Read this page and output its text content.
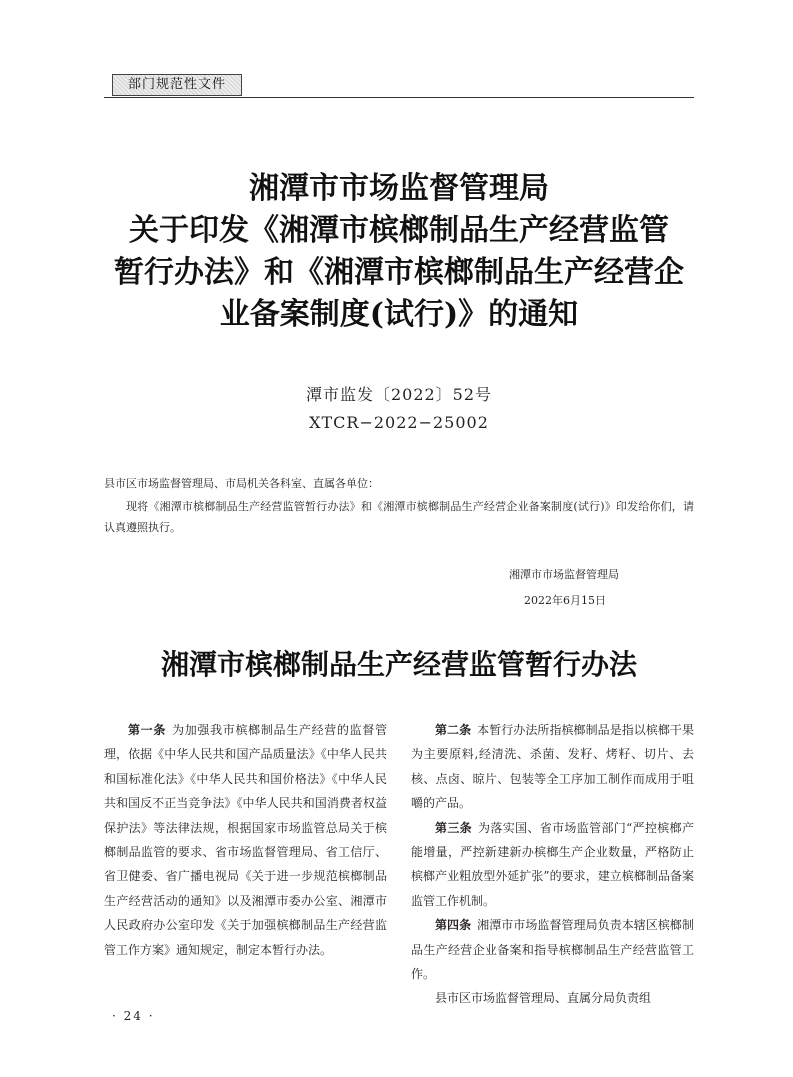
部门规范性文件
湘潭市市场监督管理局
关于印发《湘潭市槟榔制品生产经营监管
暂行办法》和《湘潭市槟榔制品生产经营企
业备案制度(试行)》的通知
潭市监发〔2022〕52号
XTCR−2022−25002
县市区市场监督管理局、市局机关各科室、直属各单位：

现将《湘潭市槟榔制品生产经营监管暂行办法》和《湘潭市槟榔制品生产经营企业备案制度(试行)》印发给你们，请认真遵照执行。

湘潭市市场监督管理局
2022年6月15日
湘潭市槟榔制品生产经营监管暂行办法

第一条 为加强我市槟榔制品生产经营的监督管理，依据《中华人民共和国产品质量法》《中华人民共和国标准化法》《中华人民共和国价格法》《中华人民共和国反不正当竞争法》《中华人民共和国消费者权益保护法》等法律法规，根据国家市场监管总局关于槟榔制品监管的要求、省市场监督管理局、省工信厅、省卫健委、省广播电视局《关于进一步规范槟榔制品生产经营活动的通知》以及湘潭市委办公室、湘潭市人民政府办公室印发《关于加强槟榔制品生产经营监管工作方案》通知规定，制定本暂行办法。

第二条 本暂行办法所指槟榔制品是指以槟榔干果为主要原料,经清洗、杀菌、发籽、烤籽、切片、去核、点卤、晾片、包装等全工序加工制作而成用于咀嚼的产品。

第三条 为落实国、省市场监管部门“严控槟榔产能增量，严控新建新办槟榔生产企业数量，严格防止槟榔产业粗放型外延扩张”的要求，建立槟榔制品备案监管工作机制。

第四条 湘潭市市场监督管理局负责本辖区槟榔制品生产经营企业备案和指导槟榔制品生产经营监管工作。

县市区市场监督管理局、直属分局负责组

· 24 ·
